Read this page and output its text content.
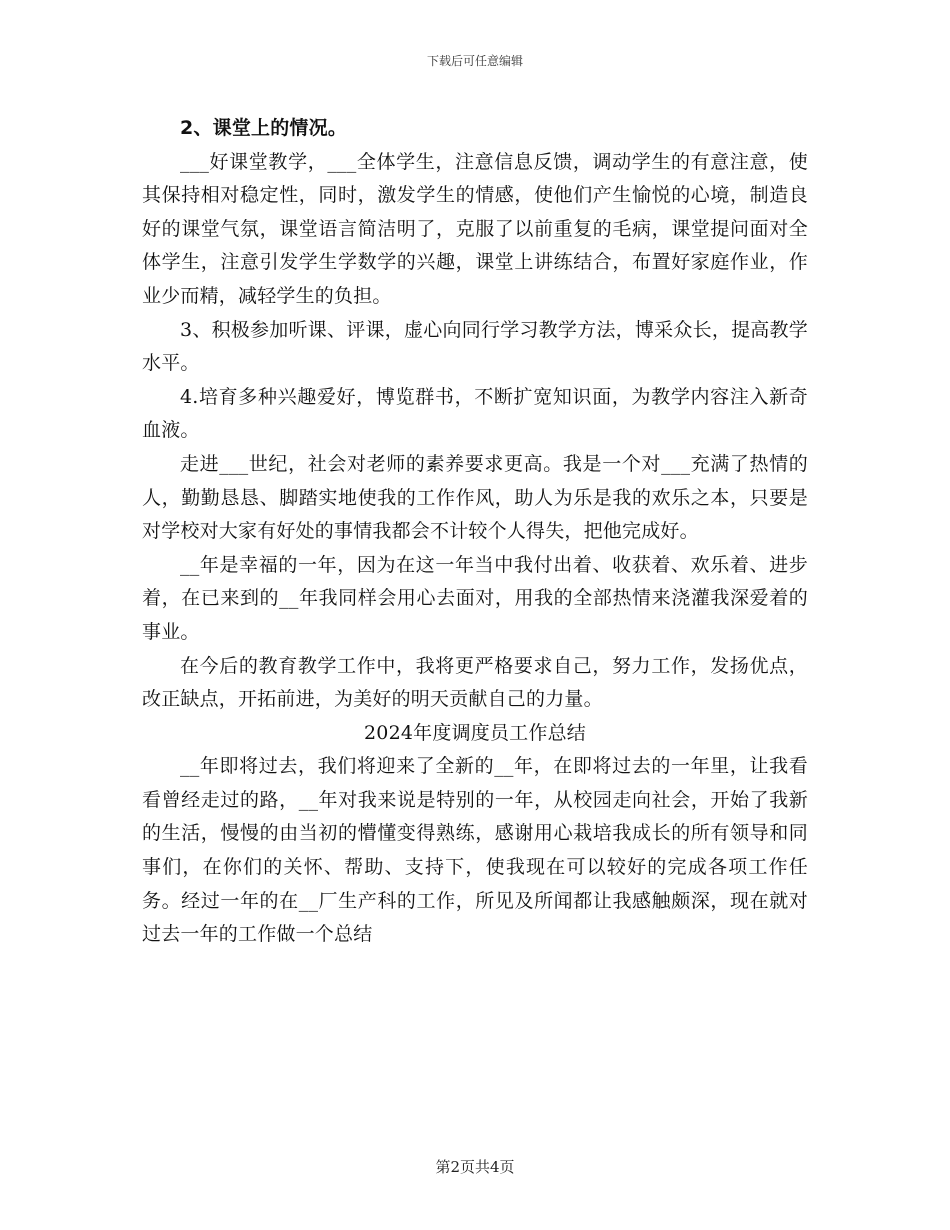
下载后可任意编辑

2、课堂上的情况。

___好课堂教学，___全体学生，注意信息反馈，调动学生的有意注意，使其保持相对稳定性，同时，激发学生的情感，使他们产生愉悦的心境，制造良好的课堂气氛，课堂语言简洁明了，克服了以前重复的毛病，课堂提问面对全体学生，注意引发学生学数学的兴趣，课堂上讲练结合，布置好家庭作业，作业少而精，减轻学生的负担。

3、积极参加听课、评课，虚心向同行学习教学方法，博采众长，提高教学水平。

4.培育多种兴趣爱好，博览群书，不断扩宽知识面，为教学内容注入新奇血液。

走进___世纪，社会对老师的素养要求更高。我是一个对___充满了热情的人，勤勤恳恳、脚踏实地使我的工作作风，助人为乐是我的欢乐之本，只要是对学校对大家有好处的事情我都会不计较个人得失，把他完成好。

__年是幸福的一年，因为在这一年当中我付出着、收获着、欢乐着、进步着，在已来到的__年我同样会用心去面对，用我的全部热情来浇灌我深爱着的事业。

在今后的教育教学工作中，我将更严格要求自己，努力工作，发扬优点，改正缺点，开拓前进，为美好的明天贡献自己的力量。

2024年度调度员工作总结

__年即将过去，我们将迎来了全新的__年，在即将过去的一年里，让我看看曾经走过的路，__年对我来说是特别的一年，从校园走向社会，开始了我新的生活，慢慢的由当初的懵懂变得熟练，感谢用心栽培我成长的所有领导和同事们，在你们的关怀、帮助、支持下，使我现在可以较好的完成各项工作任务。经过一年的在__厂生产科的工作，所见及所闻都让我感触颇深，现在就对过去一年的工作做一个总结

第2页共4页
